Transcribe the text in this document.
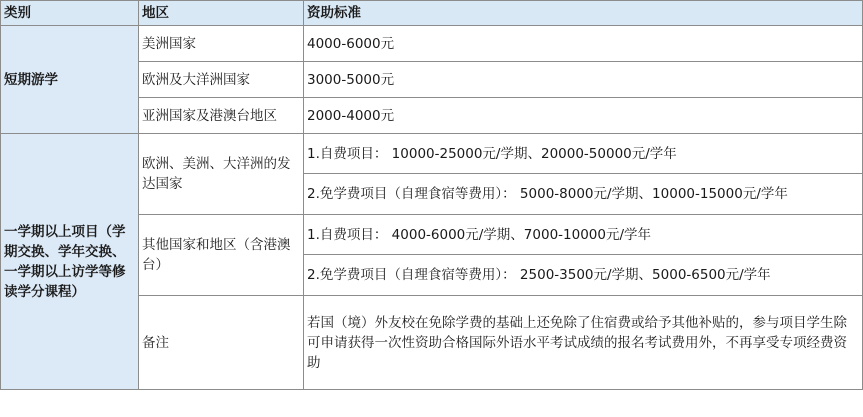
类别	地区	资助标准
短期游学	美洲国家	4000-6000元
	欧洲及大洋洲国家	3000-5000元
	亚洲国家及港澳台地区	2000-4000元
一学期以上项目（学期交换、学年交换、一学期以上访学等修读学分课程）	欧洲、美洲、大洋洲的发达国家	1.自费项目： 10000-25000元/学期、20000-50000元/学年
		2.免学费项目（自理食宿等费用）： 5000-8000元/学期、10000-15000元/学年
	其他国家和地区（含港澳台）	1.自费项目： 4000-6000元/学期、7000-10000元/学年
		2.免学费项目（自理食宿等费用）： 2500-3500元/学期、5000-6500元/学年
	备注	若国（境）外友校在免除学费的基础上还免除了住宿费或给予其他补贴的，参与项目学生除可申请获得一次性资助合格国际外语水平考试成绩的报名考试费用外，不再享受专项经费资助
